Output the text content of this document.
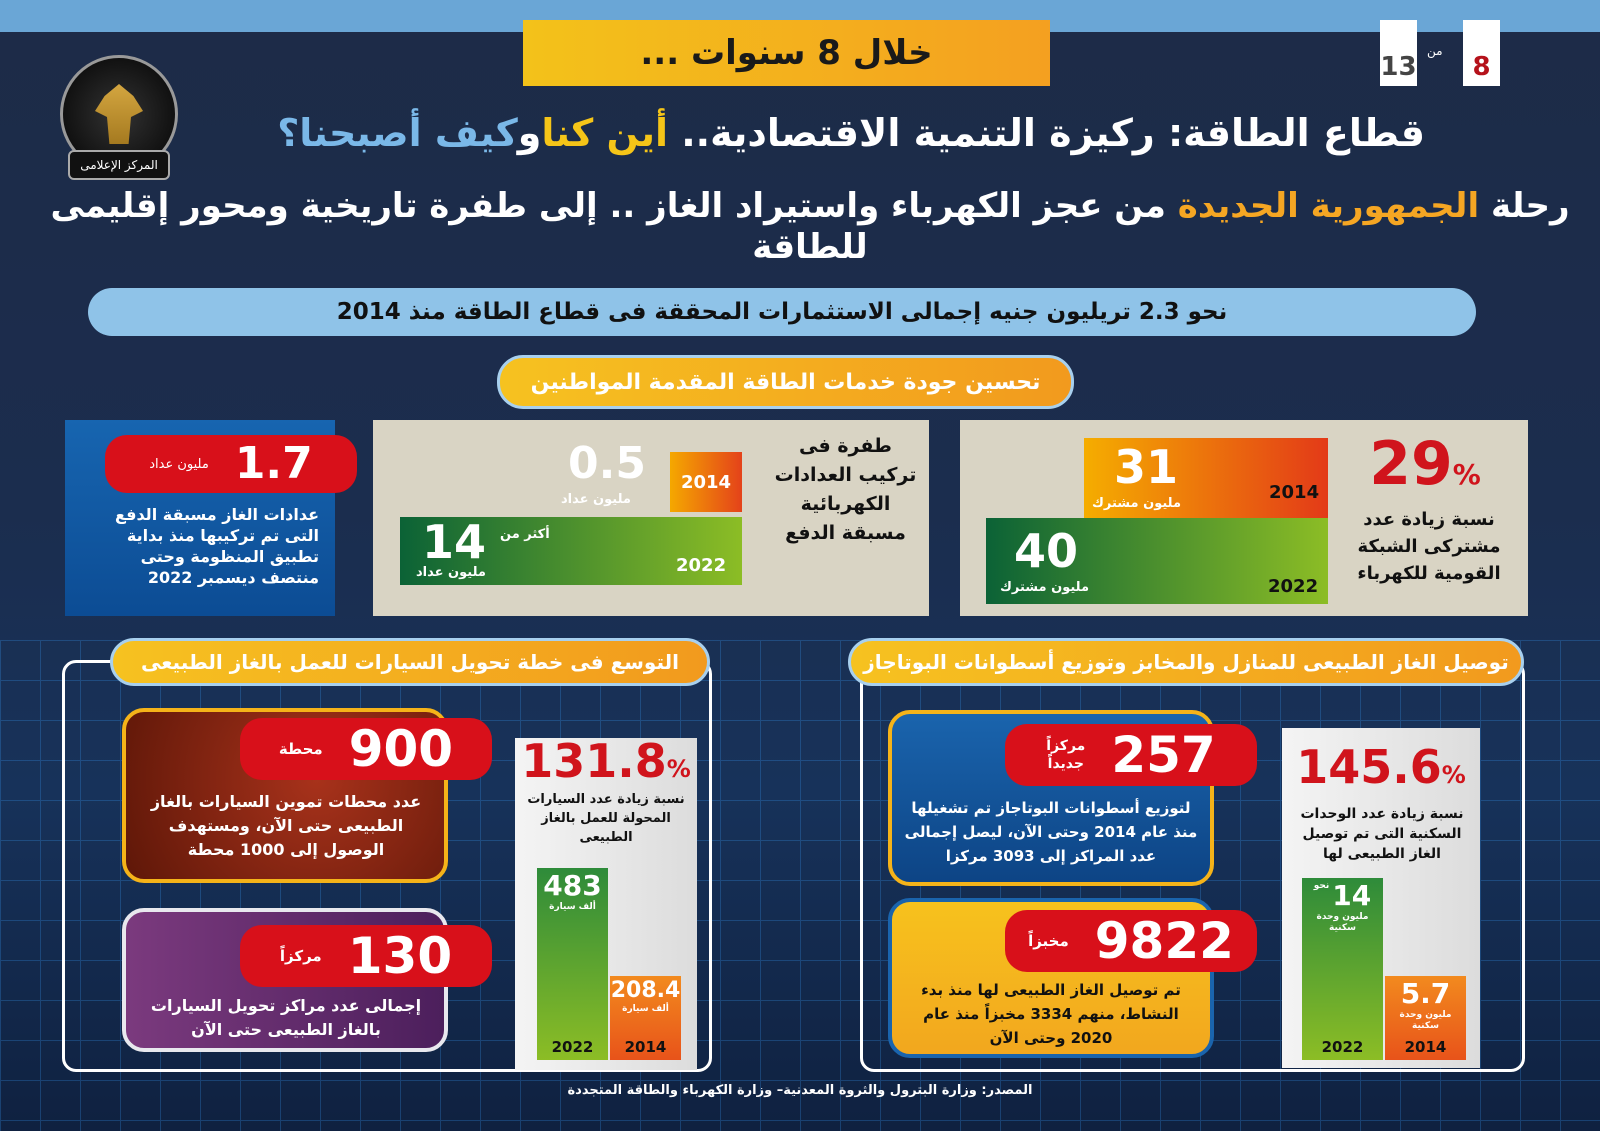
خلال 8 سنوات ...	8
من
13
المركز الإعلامى
قطاع الطاقة: ركيزة التنمية الاقتصادية.. أين كناوكيف أصبحنا؟
رحلة الجمهورية الجديدة من عجز الكهرباء واستيراد الغاز .. إلى طفرة تاريخية ومحور إقليمى للطاقة
نحو 2.3 تريليون جنيه إجمالى الاستثمارات المحققة فى قطاع الطاقة منذ 2014
تحسين جودة خدمات الطاقة المقدمة المواطنين
1.7
مليون عداد
عدادات الغاز مسبقة الدفع التى تم تركيبها منذ بداية تطبيق المنظومة وحتى منتصف ديسمبر 2022
طفرة فى تركيب العدادات الكهربائية مسبقة الدفع
2014
0.5
مليون عداد
14 أكثر من
مليون عداد	2022
29%
نسبة زيادة عدد مشتركى الشبكة القومية للكهرباء
31
مليون مشترك
2014
40
مليون مشترك	2022
التوسع فى خطة تحويل السيارات للعمل بالغاز الطبيعى
عدد محطات تموين السيارات بالغاز الطبيعى حتى الآن، ومستهدف الوصول إلى 1000 محطة
900
محطة
إجمالى عدد مراكز تحويل السيارات بالغاز الطبيعى حتى الآن
130
مركزاً
131.8%
نسبة زيادة عدد السيارات المحولة للعمل بالغاز الطبيعى
483
ألف سيارة
2022
208.4
ألف سيارة
2014
توصيل الغاز الطبيعى للمنازل والمخابز وتوزيع أسطوانات البوتاجاز
لتوزيع أسطوانات البوتاجاز تم تشغيلها منذ عام 2014 وحتى الآن، ليصل إجمالى عدد المراكز إلى 3093 مركزا
257
مركزاً
جديداً
تم توصيل الغاز الطبيعى لها منذ بدء النشاط، منهم 3334 مخبزاً منذ عام 2020 وحتى الآن
9822
مخبزاً
145.6%
نسبة زيادة عدد الوحدات السكنية التى تم توصيل الغاز الطبيعى لها
14
نحو
مليون وحدة سكنية
2022
5.7
مليون وحدة سكنية
2014
المصدر: وزارة البترول والثروة المعدنية– وزارة الكهرباء والطاقة المتجددة
